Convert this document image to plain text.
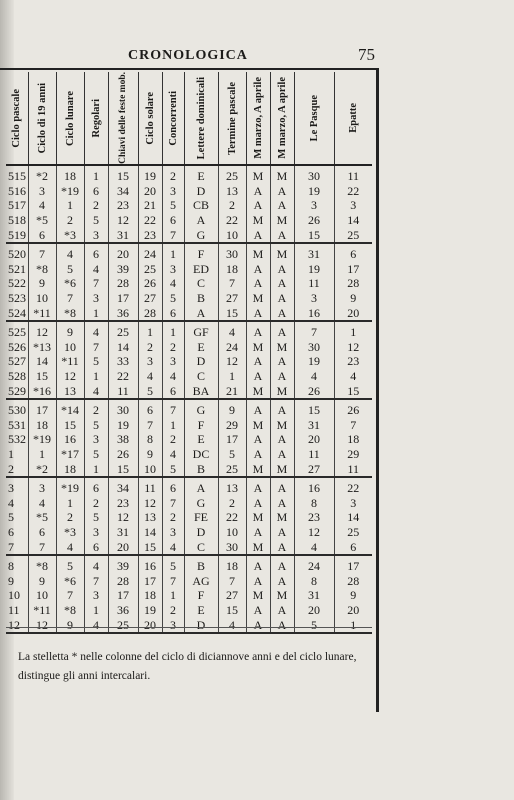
CRONOLOGICA	75
Ciclo pascale	Ciclo di 19 anni	Ciclo lunare	Regolari	Chiavi delle feste mob.	Ciclo solare	Concorrenti	Lettere dominicali	Termine pascale	M marzo, A aprile	M marzo, A aprile	Le Pasque	Epatte

515	*2	18	1	15	19	2	E	25	M	M	30	11
516	3	*19	6	34	20	3	D	13	A	A	19	22
517	4	1	2	23	21	5	CB	2	A	A	3	3
518	*5	2	5	12	22	6	A	22	M	M	26	14
519	6	*3	3	31	23	7	G	10	A	A	15	25
520	7	4	6	20	24	1	F	30	M	M	31	6
521	*8	5	4	39	25	3	ED	18	A	A	19	17
522	9	*6	7	28	26	4	C	7	A	A	11	28
523	10	7	3	17	27	5	B	27	M	A	3	9
524	*11	*8	1	36	28	6	A	15	A	A	16	20
525	12	9	4	25	1	1	GF	4	A	A	7	1
526	*13	10	7	14	2	2	E	24	M	M	30	12
527	14	*11	5	33	3	3	D	12	A	A	19	23
528	15	12	1	22	4	4	C	1	A	A	4	4
529	*16	13	4	11	5	6	BA	21	M	M	26	15
530	17	*14	2	30	6	7	G	9	A	A	15	26
531	18	15	5	19	7	1	F	29	M	M	31	7
532	*19	16	3	38	8	2	E	17	A	A	20	18
1	1	*17	5	26	9	4	DC	5	A	A	11	29
2	*2	18	1	15	10	5	B	25	M	M	27	11
3	3	*19	6	34	11	6	A	13	A	A	16	22
4	4	1	2	23	12	7	G	2	A	A	8	3
5	*5	2	5	12	13	2	FE	22	M	M	23	14
6	6	*3	3	31	14	3	D	10	A	A	12	25
7	7	4	6	20	15	4	C	30	M	A	4	6
8	*8	5	4	39	16	5	B	18	A	A	24	17
9	9	*6	7	28	17	7	AG	7	A	A	8	28
10	10	7	3	17	18	1	F	27	M	M	31	9
11	*11	*8	1	36	19	2	E	15	A	A	20	20
12	12	9	4	25	20	3	D	4	A	A	5	1
La stelletta * nelle colonne del ciclo di diciannove anni e del ciclo lunare, distingue gli anni intercalari.
